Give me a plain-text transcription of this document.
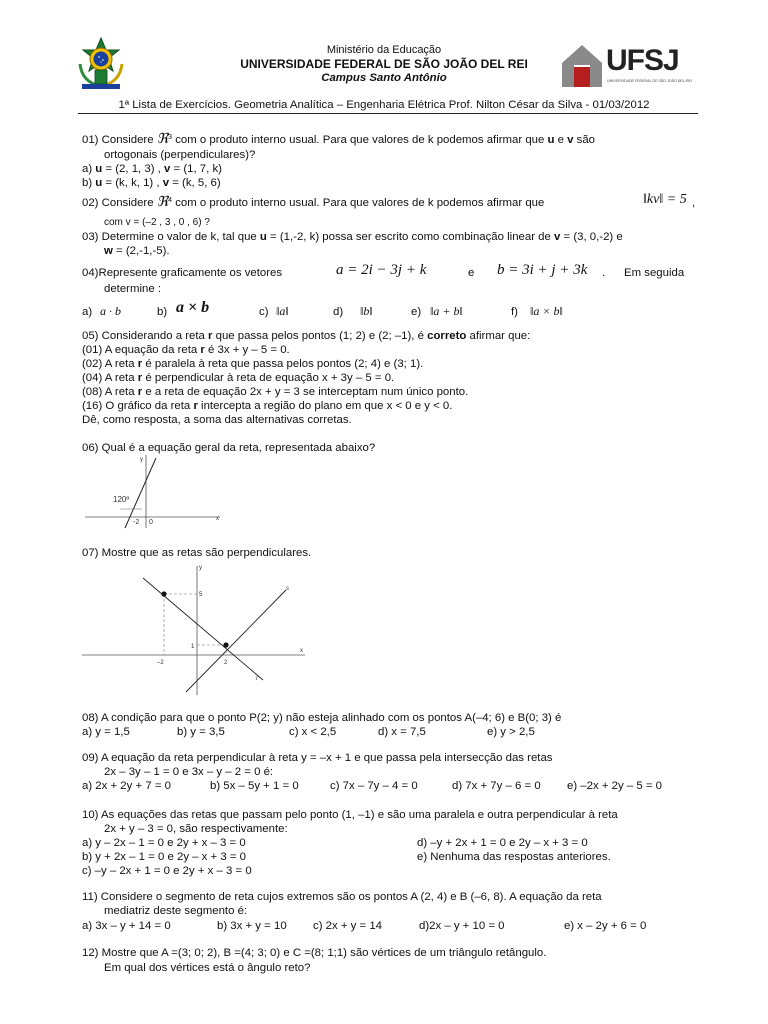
Ministério da Educação
UNIVERSIDADE FEDERAL DE SÃO JOÃO DEL REI
Campus Santo Antônio
UFSJ
UNIVERSIDADE FEDERAL DE SÃO JOÃO DEL-REI
1ª Lista de Exercícios. Geometria Analítica – Engenharia Elétrica Prof. Nilton César da Silva - 01/03/2012
01) Considere ℜ$^3$ com o produto interno usual. Para que valores de k podemos afirmar que u e v são
ortogonais (perpendiculares)?
a) u = (2, 1, 3) , v = (1, 7, k)
b) u = (k, k, 1) , v = (k, 5, 6)
02) Considere ℜ$^4$ com o produto interno usual. Para que valores de k podemos afirmar que	‖kv‖ = 5 ,
com v = (–2 , 3 , 0 , 6) ?
03) Determine o valor de k, tal que u = (1,-2, k) possa ser escrito como combinação linear de v = (3, 0,-2) e
w = (2,-1,-5).
04)Represente graficamente os vetores	a = 2i − 3j + k	e b = 3i + j + 3k . Em seguida
determine :
a) a · b	b) a × b	c) ‖a‖	d) ‖b‖	e) ‖a + b‖	f) ‖a × b‖
05) Considerando a reta r que passa pelos pontos (1; 2) e (2; –1), é correto afirmar que:
(01) A equação da reta r é 3x + y – 5 = 0.
(02) A reta r é paralela à reta que passa pelos pontos (2; 4) e (3; 1).
(04) A reta r é perpendicular à reta de equação x + 3y – 5 = 0.
(08) A reta r e a reta de equação 2x + y = 3 se interceptam num único ponto.
(16) O gráfico da reta r intercepta a região do plano em que x < 0 e y < 0.
Dê, como resposta, a soma das alternativas corretas.
06) Qual é a equação geral da reta, representada abaixo?
y
x
120º
-2 0
07) Mostre que as retas são perpendiculares.
y
x
5
1
–2	2
s
r
08) A condição para que o ponto P(2; y) não esteja alinhado com os pontos A(–4; 6) e B(0; 3) é
a) y = 1,5	b) y = 3,5	c) x < 2,5	d) x = 7,5	e) y > 2,5
09) A equação da reta perpendicular à reta y = –x + 1 e que passa pela intersecção das retas
2x – 3y – 1 = 0 e 3x – y – 2 = 0 é:
a) 2x + 2y + 7 = 0	b) 5x – 5y + 1 = 0	c) 7x – 7y – 4 = 0	d) 7x + 7y – 6 = 0 e) –2x + 2y – 5 = 0
10) As equações das retas que passam pelo ponto (1, –1) e são uma paralela e outra perpendicular à reta
2x + y – 3 = 0, são respectivamente:
a) y – 2x – 1 = 0 e 2y + x – 3 = 0
b) y + 2x – 1 = 0 e 2y – x + 3 = 0
c) –y – 2x + 1 = 0 e 2y + x – 3 = 0
d) –y + 2x + 1 = 0 e 2y – x + 3 = 0
e) Nenhuma das respostas anteriores.
11) Considere o segmento de reta cujos extremos são os pontos A (2, 4) e B (–6, 8). A equação da reta
mediatriz deste segmento é:
a) 3x – y + 14 = 0	b) 3x + y = 10 c) 2x + y = 14	d)2x – y + 10 = 0	e) x – 2y + 6 = 0
12) Mostre que A =(3; 0; 2), B =(4; 3; 0) e C =(8; 1;1) são vértices de um triângulo retângulo.
Em qual dos vértices está o ângulo reto?
